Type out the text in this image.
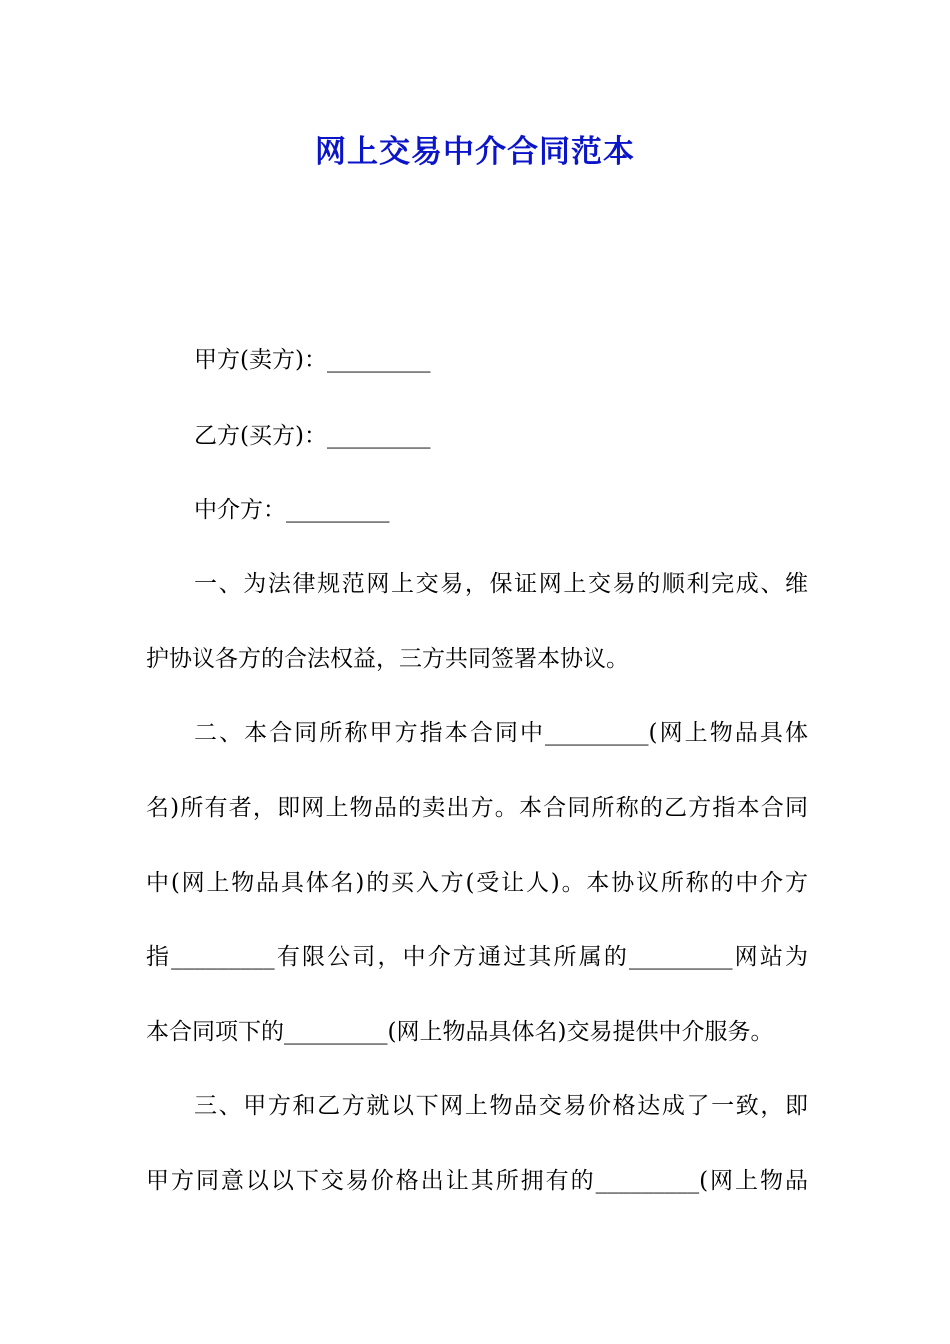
网上交易中介合同范本
甲方(卖方)：_________
乙方(买方)：_________
中介方：_________
一、为法律规范网上交易，保证网上交易的顺利完成、维
护协议各方的合法权益，三方共同签署本协议。
二、本合同所称甲方指本合同中_________(网上物品具体
名)所有者，即网上物品的卖出方。本合同所称的乙方指本合同
中(网上物品具体名)的买入方(受让人)。本协议所称的中介方
指_________有限公司，中介方通过其所属的_________网站为
本合同项下的_________(网上物品具体名)交易提供中介服务。
三、甲方和乙方就以下网上物品交易价格达成了一致，即
甲方同意以以下交易价格出让其所拥有的_________(网上物品
